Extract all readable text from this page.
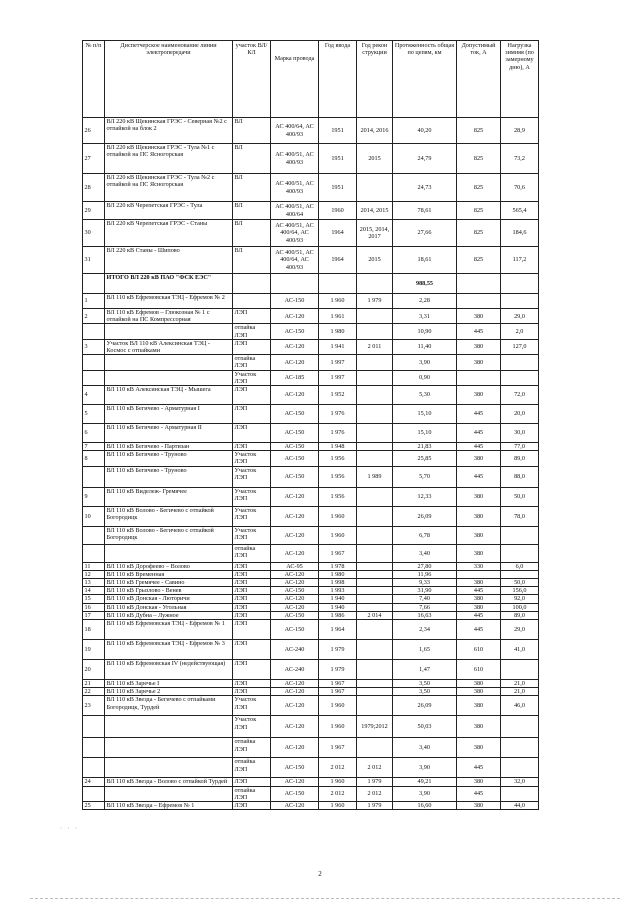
№ п/п	Диспетчерское наименование линии электропередачи	участок ВЛ/КЛ	Марка провода	Год ввода	Год рекон струкции	Протяженность общая по цепям, км	Допустимый ток, А	Нагрузка зимняя (по замерному дню), А
26	ВЛ 220 кВ Щекинская ГРЭС - Северная №2 с отпайкой на блок 2	ВЛ	АС 400/64, АС 400/93	1951	2014, 2016	40,20	825	28,9
27	ВЛ 220 кВ Щекинская ГРЭС - Тула №1 с отпайкой на ПС Ясногорская	ВЛ	АС 400/51, АС 400/93	1951	2015	24,79	825	73,2
28	ВЛ 220 кВ Щекинская ГРЭС - Тула №2 с отпайкой на ПС Ясногорская	ВЛ	АС 400/51, АС 400/93	1951		24,73	825	70,6
29	ВЛ 220 кВ Черепетская ГРЭС - Тула	ВЛ	АС 400/51, АС 400/64	1960	2014, 2015	78,61	825	565,4
30	ВЛ 220 кВ Черепетская ГРЭС - Станы	ВЛ	АС 400/51, АС 400/64, АС 400/93	1964	2015, 2014, 2017	27,66	825	184,6
31	ВЛ 220 кВ Станы - Шипово	ВЛ	АС 400/51, АС 400/64, АС 400/93	1964	2015	18,61	825	117,2
	ИТОГО ВЛ 220 кВ ПАО "ФСК ЕЭС"					988,55		
1	ВЛ 110 кВ Ефремовская ТЭЦ - Ефремов № 2		АС-150	1 960	1 979	2,28		
2	ВЛ 110 кВ Ефремов – Глюкозная № 1 с отпайкой на ПС Компрессорная	ЛЭП	АС-120	1 961		3,31	380	29,0
		отпайка ЛЭП	АС-150	1 980		10,90	445	2,0
3	Участок ВЛ 110 кВ Алексинская ТЭЦ - Космос с отпайками	ЛЭП	АС-120	1 941	2 011	11,40	380	127,0
		отпайка ЛЭП	АС-120	1 997		3,90	380	
		Участок ЛЭП	АС-185	1 997		0,90		
4	ВЛ 110 кВ Алексинская ТЭЦ - Мышега	ЛЭП	АС-120	1 952		5,30	380	72,0
5	ВЛ 110 кВ Бегичево - Арматурная I	ЛЭП	АС-150	1 976		15,10	445	20,0
6	ВЛ 110 кВ Бегичево - Арматурная II	ЛЭП	АС-150	1 976		15,10	445	30,0
7	ВЛ 110 кВ Бегичево - Партизан	ЛЭП	АС-150	1 948		21,83	445	77,0
8	ВЛ 110 кВ Бегичево - Труново	Участок ЛЭП	АС-150	1 956		25,85	380	89,0
	ВЛ 110 кВ Бегичево - Труново	Участок ЛЭП	АС-150	1 956	1 989	5,70	445	88,0
9	ВЛ 110 кВ Видележ- Гремячее	Участок ЛЭП	АС-120	1 956		12,33	380	50,0
10	ВЛ 110 кВ Волово - Бегичево с отпайкой Богородицк	Участок ЛЭП	АС-120	1 960		26,09	380	78,0
	ВЛ 110 кВ Волово - Бегичево с отпайкой Богородицк	Участок ЛЭП	АС-120	1 960		6,78	380	
		отпайка ЛЭП	АС-120	1 967		3,40	380	
11	ВЛ 110 кВ Дорофеево – Волово	ЛЭП	АС-95	1 978		27,80	330	6,0
12	ВЛ 110 кВ Временная	ЛЭП	АС-120	1 980		11,96		
13	ВЛ 110 кВ Гремячее - Савино	ЛЭП	АС-120	1 998		9,33	380	50,0
14	ВЛ 110 кВ Грызлово - Венев	ЛЭП	АС-150	1 993		31,90	445	156,0
15	ВЛ 110 кВ Донская - Люторичи	ЛЭП	АС-120	1 940		7,40	380	92,0
16	ВЛ 110 кВ Донская - Угольная	ЛЭП	АС-120	1 940		7,66	380	100,0
17	ВЛ 110 кВ Дубна – Лужное	ЛЭП	АС-150	1 986	2 014	16,63	445	89,0
18	ВЛ 110 кВ Ефремовская ТЭЦ - Ефремов № 1	ЛЭП	АС-150	1 964		2,34	445	29,0
19	ВЛ 110 кВ Ефремовская ТЭЦ - Ефремов № 3	ЛЭП	АС-240	1 979		1,65	610	41,0
20	ВЛ 110 кВ Ефремовская IV (недействующая)	ЛЭП	АС-240	1 979		1,47	610	
21	ВЛ 110 кВ Заречье I	ЛЭП	АС-120	1 967		3,50	380	21,0
22	ВЛ 110 кВ Заречье 2	ЛЭП	АС-120	1 967		3,50	380	21,0
23	ВЛ 110 кВ Звезда - Бегичево с отпайками Богородицк, Турдей	Участок ЛЭП	АС-120	1 960		26,09	380	46,0
		Участок ЛЭП	АС-120	1 960	1979;2012	50,03	380	
		отпайка ЛЭП	АС-120	1 967		3,40	380	
		отпайка ЛЭП	АС-150	2 012	2 012	3,90	445	
24	ВЛ 110 кВ Звезда - Волово с отпайкой Турдей	ЛЭП	АС-120	1 960	1 979	49,21	380	32,0
		отпайка ЛЭП	АС-150	2 012	2 012	3,90	445	
25	ВЛ 110 кВ Звезда – Ефремов № 1	ЛЭП	АС-120	1 960	1 979	16,60	380	44,0
· · ·
2
